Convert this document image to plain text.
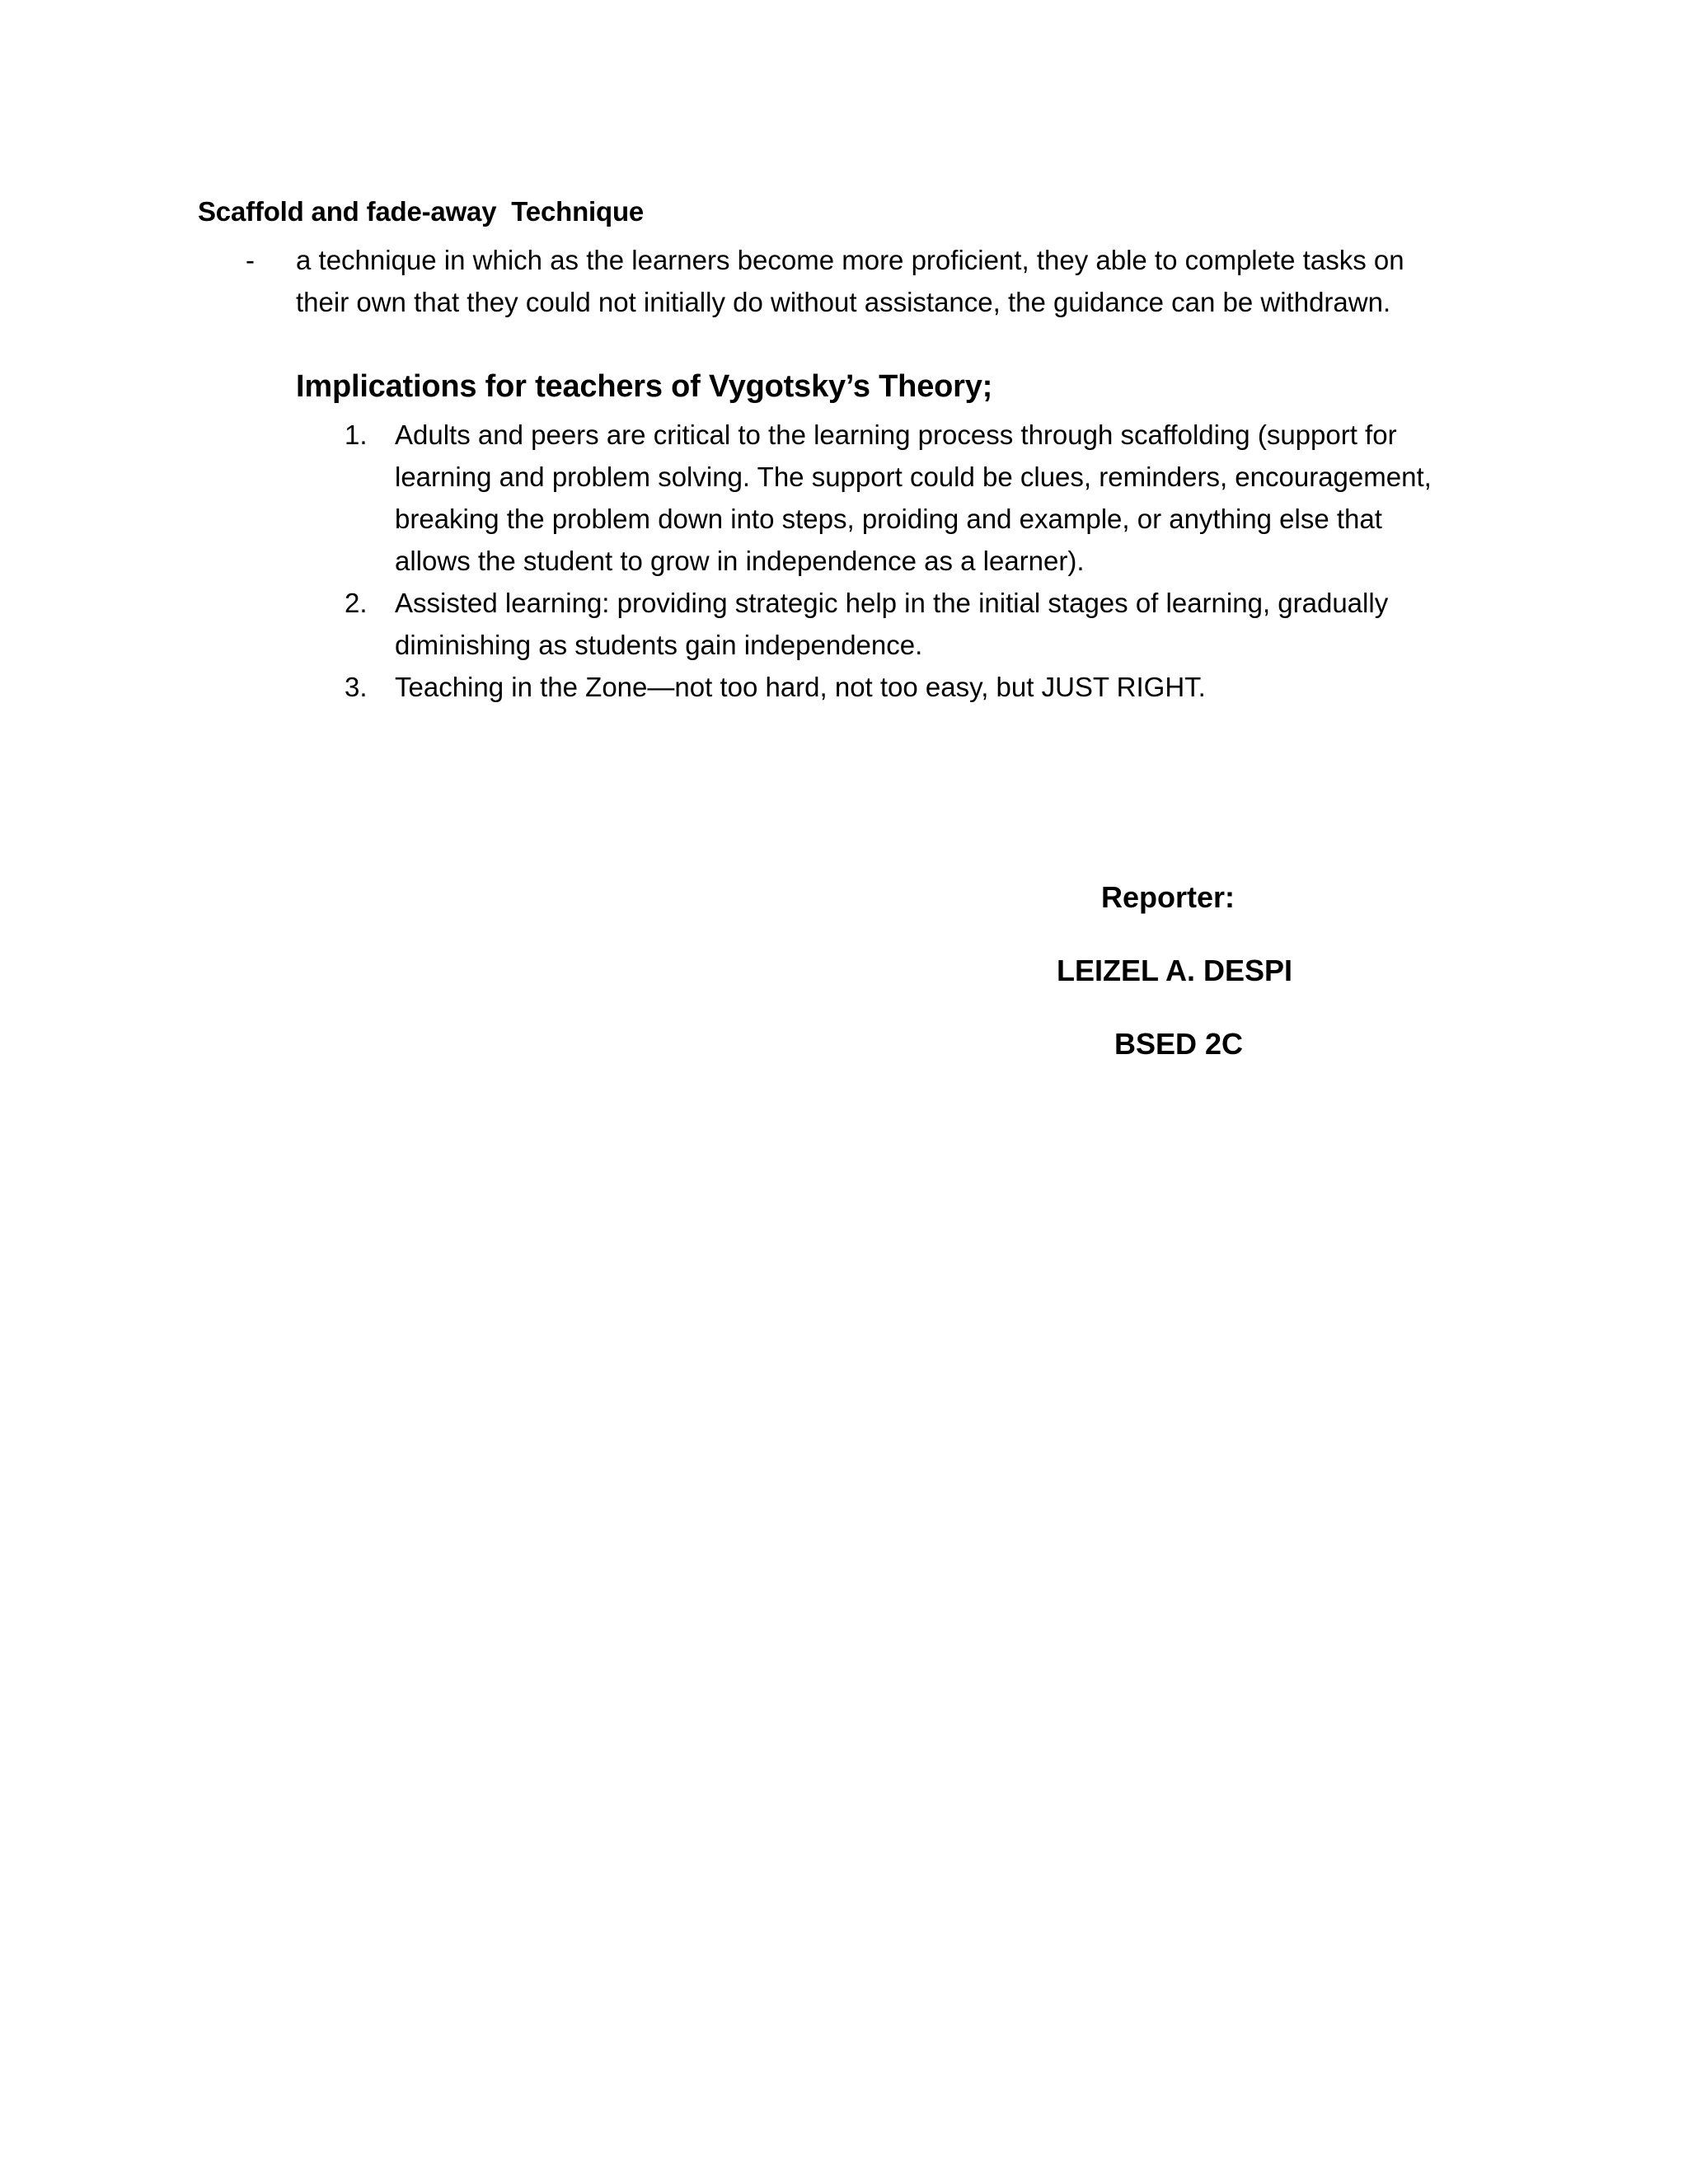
Scaffold and fade-away  Technique
- a technique in which as the learners become more proficient, they able to complete tasks on
their own that they could not initially do without assistance, the guidance can be withdrawn.
Implications for teachers of Vygotsky’s Theory;
1. Adults and peers are critical to the learning process through scaffolding (support for
learning and problem solving. The support could be clues, reminders, encouragement,
breaking the problem down into steps, proiding and example, or anything else that
allows the student to grow in independence as a learner).
2. Assisted learning: providing strategic help in the initial stages of learning, gradually
diminishing as students gain independence.
3. Teaching in the Zone—not too hard, not too easy, but JUST RIGHT.
Reporter:
LEIZEL A. DESPI
BSED 2C
